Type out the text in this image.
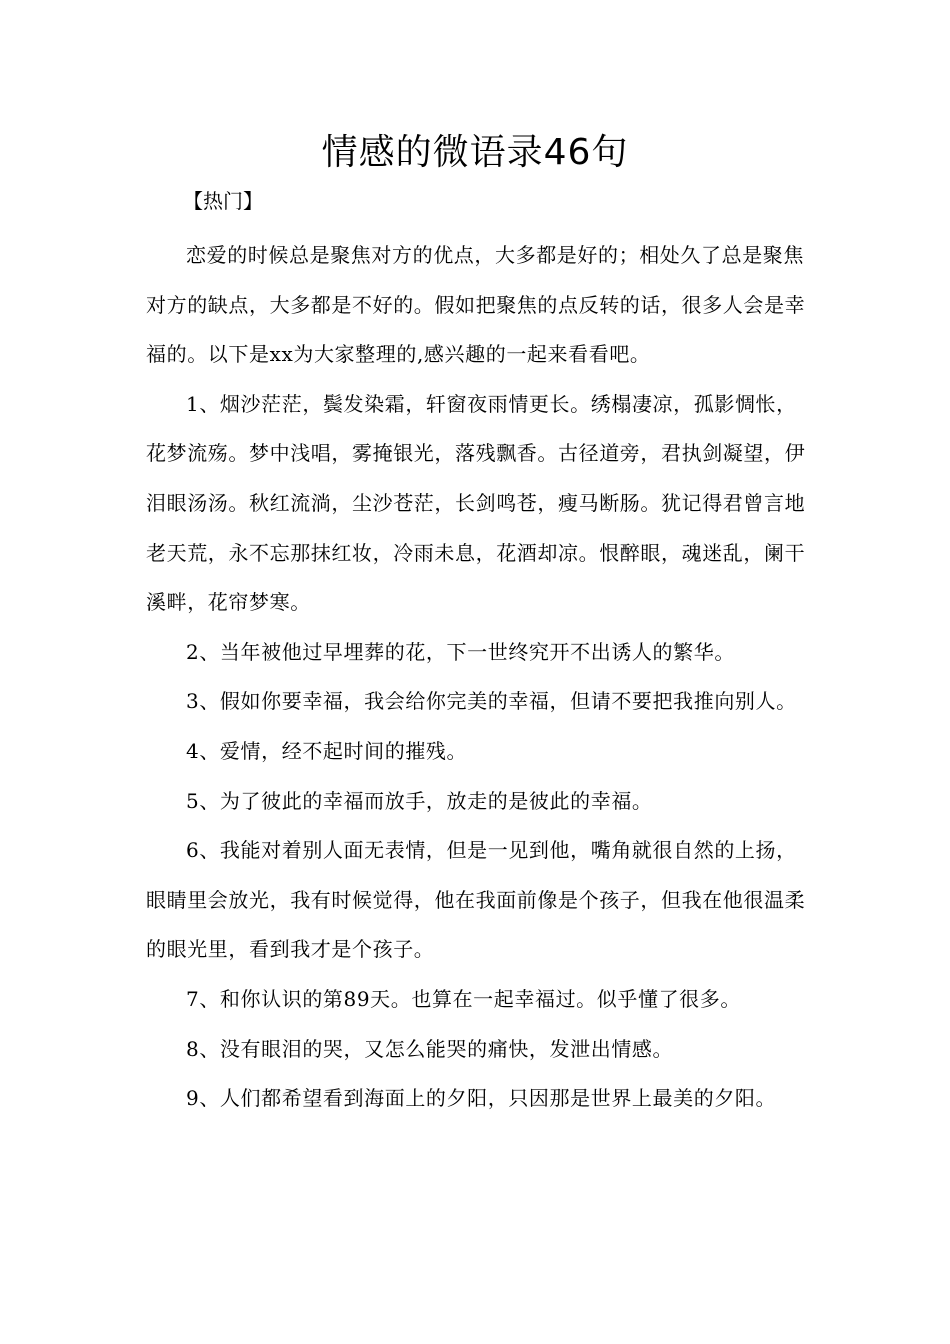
情感的微语录46句
【热门】

恋爱的时候总是聚焦对方的优点，大多都是好的；相处久了总是聚焦对方的缺点，大多都是不好的。假如把聚焦的点反转的话，很多人会是幸福的。以下是xx为大家整理的,感兴趣的一起来看看吧。

1、烟沙茫茫，鬓发染霜，轩窗夜雨情更长。绣榻凄凉，孤影惆怅，花梦流殇。梦中浅唱，雾掩银光，落残飘香。古径道旁，君执剑凝望，伊泪眼汤汤。秋红流淌，尘沙苍茫，长剑鸣苍，瘦马断肠。犹记得君曾言地老天荒，永不忘那抹红妆，冷雨未息，花酒却凉。恨醉眼，魂迷乱，阑干溪畔，花帘梦寒。

2、当年被他过早埋葬的花，下一世终究开不出诱人的繁华。

3、假如你要幸福，我会给你完美的幸福，但请不要把我推向别人。

4、爱情，经不起时间的摧残。

5、为了彼此的幸福而放手，放走的是彼此的幸福。

6、我能对着别人面无表情，但是一见到他，嘴角就很自然的上扬，眼睛里会放光，我有时候觉得，他在我面前像是个孩子，但我在他很温柔的眼光里，看到我才是个孩子。

7、和你认识的第89天。也算在一起幸福过。似乎懂了很多。

8、没有眼泪的哭，又怎么能哭的痛快，发泄出情感。

9、人们都希望看到海面上的夕阳，只因那是世界上最美的夕阳。
